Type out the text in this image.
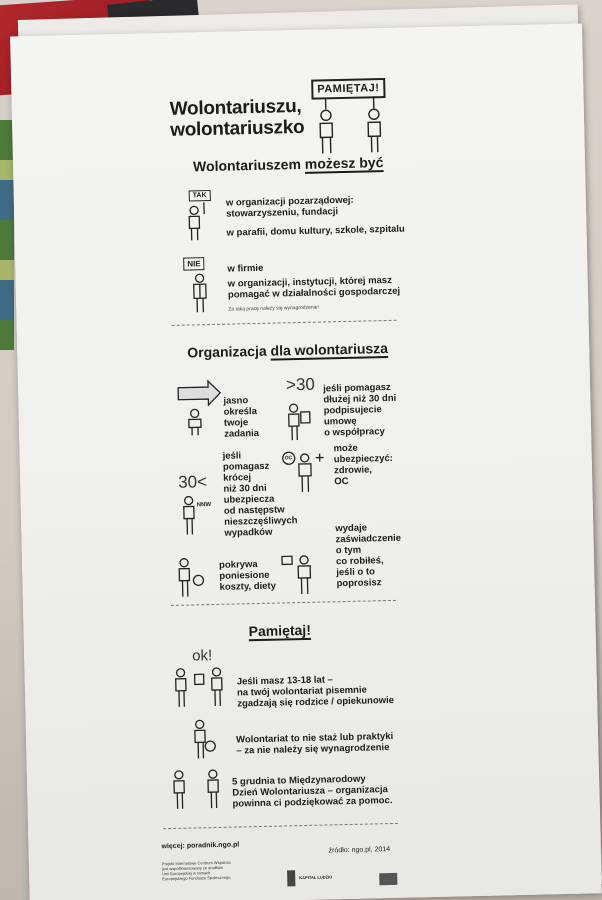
Wolontariuszu,
wolontariuszko
PAMIĘTAJ!
Wolontariuszem możesz być
TAK	w organizacji pozarządowej:
stowarzyszeniu, fundacji
w parafii, domu kultury, szkole, szpitalu
NIE	w firmie
w organizacji, instytucji, której masz
pomagać w działalności gospodarczej
Za taką pracę należy się wynagrodzenie!
Organizacja dla wolontariusza
jasno
określa
twoje
zadania
>30 jeśli pomagasz
dłużej niż 30 dni
podpisujecie
umowę
o współpracy
30<
NNW
jeśli
pomagasz
krócej
niż 30 dni
ubezpiecza
od następstw
nieszczęśliwych
wypadków
OC
może
ubezpieczyć:
zdrowie,
OC
pokrywa
poniesione
koszty, diety
wydaje
zaświadczenie
o tym
co robiłeś,
jeśli o to
poprosisz
Pamiętaj!
ok!
Jeśli masz 13-18 lat –
na twój wolontariat pisemnie
zgadzają się rodzice / opiekunowie
Wolontariat to nie staż lub praktyki
– za nie należy się wynagrodzenie
5 grudnia to Międzynarodowy
Dzień Wolontariusza – organizacja
powinna ci podziękować za pomoc.
więcej: poradnik.ngo.pl
źródło: ngo.pl, 2014
Projekt Internetowe Centrum Wsparcia
jest współfinansowany ze środków
Unii Europejskiej w ramach
Europejskiego Funduszu Społecznego	KAPITAŁ LUDZKI
